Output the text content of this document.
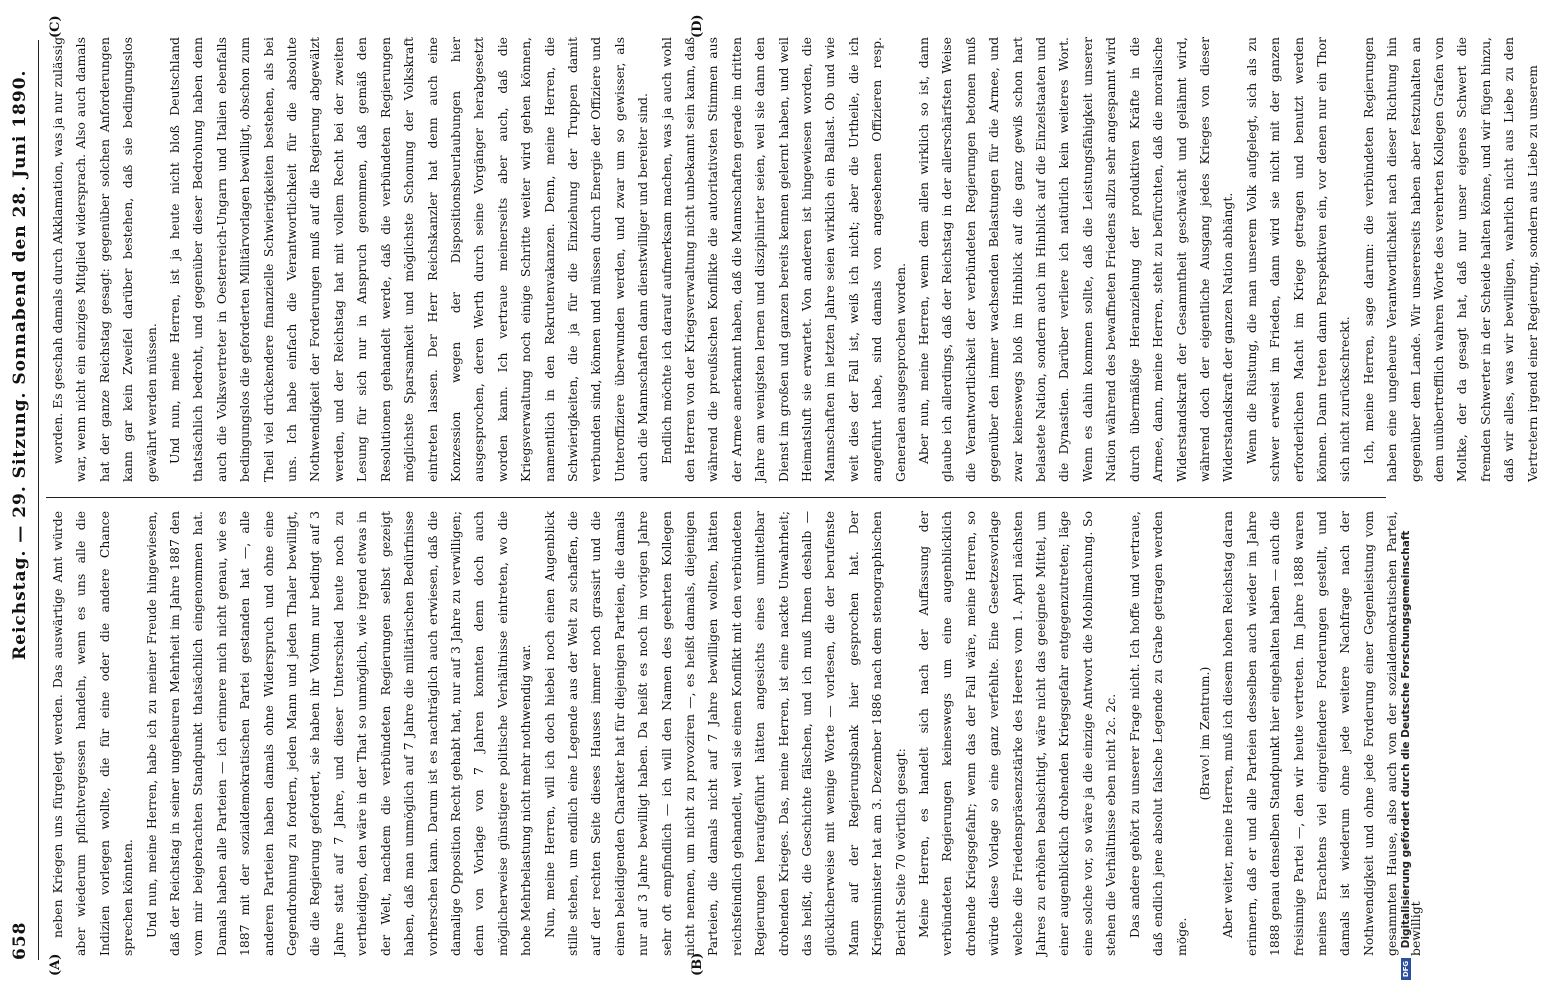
658
Reichstag. — 29. Sitzung. Sonnabend den 28. Juni 1890.
(A)	(B)
(C)	(D)

neben Kriegen uns fürgelegt werden. Das auswärtige Amt würde aber wiederum pflichtvergessen handeln, wenn es uns alle die Indizien vorlegen wollte, die für eine oder die andere Chance sprechen könnten. Und nun, meine Herren, habe ich zu meiner Freude hingewiesen, daß der Reichstag in seiner ungeheuren Mehrheit im Jahre 1887 den vom mir beigebrachten Standpunkt thatsächlich eingenommen hat. Damals haben alle Parteien — ich erinnere mich nicht genau, wie es 1887 mit der sozialdemokratischen Partei gestanden hat —, alle anderen Parteien haben damals ohne Widerspruch und ohne eine Gegendrohnung zu fordern, jeden Mann und jeden Thaler bewilligt, die die Regierung gefordert, sie haben ihr Votum nur bedingt auf 3 Jahre statt auf 7 Jahre, und dieser Unterschied heute noch zu vertheidigen, den wäre in der That so unmöglich, wie irgend etwas in der Welt, nachdem die verbündeten Regierungen selbst gezeigt haben, daß man unmöglich auf 7 Jahre die militärischen Bedürfnisse vorherschen kann. Darum ist es nachträglich auch erwiesen, daß die damalige Opposition Recht gehabt hat, nur auf 3 Jahre zu verwilligen; denn von Vorlage von 7 Jahren konnten denn doch auch möglicherweise günstigere politische Verhältnisse eintreten, wo die hohe Mehrbelastung nicht mehr nothwendig war. Nun, meine Herren, will ich doch hiebei noch einen Augenblick stille stehen, um endlich eine Legende aus der Welt zu schaffen, die auf der rechten Seite dieses Hauses immer noch grassirt und die einen beleidigenden Charakter hat für diejenigen Parteien, die damals nur auf 3 Jahre bewilligt haben. Da heißt es noch im vorigen Jahre sehr oft empfindlich — ich will den Namen des geehrten Kollegen nicht nennen, um nicht zu provoziren —, es heißt damals, diejenigen Parteien, die damals nicht auf 7 Jahre bewilligen wollten, hätten reichsfeindlich gehandelt, weil sie einen Konflikt mit den verbündeten Regierungen heraufgeführt hätten angesichts eines unmittelbar drohenden Krieges. Das, meine Herren, ist eine nackte Unwahrheit; das heißt, die Geschichte fälschen, und ich muß Ihnen deshalb — glücklicherweise mit wenige Worte — vorlesen, die der berufenste Mann auf der Regierungsbank hier gesprochen hat. Der Kriegsminister hat am 3. Dezember 1886 nach dem stenographischen Bericht Seite 70 wörtlich gesagt: Meine Herren, es handelt sich nach der Auffassung der verbündeten Regierungen keineswegs um eine augenblicklich drohende Kriegsgefahr; wenn das der Fall wäre, meine Herren, so würde diese Vorlage so eine ganz verfehlte. Eine Gesetzesvorlage welche die Friedenspräsenzstärke des Heeres vom 1. April nächsten Jahres zu erhöhen beabsichtigt, wäre nicht das geeignete Mittel, um einer augenblicklich drohenden Kriegsgefahr entgegenzutreten; läge eine solche vor, so wäre ja die einzige Antwort die Mobilmachung. So stehen die Verhältnisse eben nicht 2c. 2c. Das andere gehört zu unserer Frage nicht. Ich hoffe und vertraue, daß endlich jene absolut falsche Legende zu Grabe getragen werden möge.

(Bravo! im Zentrum.) Aber weiter, meine Herren, muß ich diesem hohen Reichstag daran erinnern, daß er und alle Parteien desselben auch wieder im Jahre 1888 genau denselben Standpunkt hier eingehalten haben — auch die freisinnige Partei —, den wir heute vertreten. Im Jahre 1888 waren meines Erachtens viel eingreifendere Forderungen gestellt, und damals ist wiederum ohne jede weitere Nachfrage nach der Nothwendigkeit und ohne jede Forderung einer Gegenleistung vom gesammten Hause, also auch von der sozialdemokratischen Partei, bewilligt

worden. Es geschah damals durch Akklamation, was ja nur zulässig war, wenn nicht ein einziges Mitglied widersprach. Also auch damals hat der ganze Reichstag gesagt: gegenüber solchen Anforderungen kann gar kein Zweifel darüber bestehen, daß sie bedingungslos gewährt werden müssen. Und nun, meine Herren, ist ja heute nicht bloß Deutschland thatsächlich bedroht, und gegenüber dieser Bedrohung haben denn auch die Volksvertreter in Oesterreich-Ungarn und Italien ebenfalls bedingungslos die geforderten Militärvorlagen bewilligt, obschon zum Theil viel drückendere finanzielle Schwierigkeiten bestehen, als bei uns. Ich habe einfach die Verantwortlichkeit für die absolute Nothwendigkeit der Forderungen muß auf die Regierung abgewälzt werden, und der Reichstag hat mit vollem Recht bei der zweiten Lesung für sich nur in Anspruch genommen, daß gemäß den Resolutionen gehandelt werde, daß die verbündeten Regierungen möglichste Sparsamkeit und möglichste Schonung der Volkskraft eintreten lassen. Der Herr Reichskanzler hat denn auch eine Konzession wegen der Dispositionsbeurlaubungen hier ausgesprochen, deren Werth durch seine Vorgänger herabgesetzt worden kann. Ich vertraue meinerseits aber auch, daß die Kriegsverwaltung noch einige Schritte weiter wird gehen können, namentlich in den Rekrutenvakanzen. Denn, meine Herren, die Schwierigkeiten, die ja für die Einziehung der Truppen damit verbunden sind, können und müssen durch Energie der Offiziere und Unteroffiziere überwunden werden, und zwar um so gewisser, als auch die Mannschaften dann dienstwilliger und bereiter sind. Endlich möchte ich darauf aufmerksam machen, was ja auch wohl den Herren von der Kriegsverwaltung nicht unbekannt sein kann, daß während die preußischen Konflikte die autoritativsten Stimmen aus der Armee anerkannt haben, daß die Mannschaften gerade im dritten Jahre am wenigsten lernen und disziplinirter seien, weil sie dann den Dienst im großen und ganzen bereits kennen gelernt haben, und weil Heimatsluft sie erwartet. Von anderen ist hingewiesen worden, die Mannschaften im letzten Jahre seien wirklich ein Ballast. Ob und wie weit dies der Fall ist, weiß ich nicht; aber die Urtheile, die ich angeführt habe, sind damals von angesehenen Offizieren resp. Generalen ausgesprochen worden. Aber nun, meine Herren, wenn dem allen wirklich so ist, dann glaube ich allerdings, daß der Reichstag in der allerschärfsten Weise die Verantwortlichkeit der verbündeten Regierungen betonen muß gegenüber den immer wachsenden Belastungen für die Armee, und zwar keineswegs bloß im Hinblick auf die ganz gewiß schon hart belastete Nation, sondern auch im Hinblick auf die Einzelstaaten und die Dynastien. Darüber verliere ich natürlich kein weiteres Wort. Wenn es dahin kommen sollte, daß die Leistungsfähigkeit unserer Nation während des bewaffneten Friedens allzu sehr angespannt wird durch übermäßige Heranziehung der produktiven Kräfte in die Armee, dann, meine Herren, steht zu befürchten, daß die moralische Widerstandskraft der Gesammtheit geschwächt und gelähmt wird, während doch der eigentliche Ausgang jedes Krieges von dieser Widerstandskraft der ganzen Nation abhängt. Wenn die Rüstung, die man unserem Volk aufgelegt, sich als zu schwer erweist im Frieden, dann wird sie nicht mit der ganzen erforderlichen Macht im Kriege getragen und benutzt werden können. Dann treten dann Perspektiven ein, vor denen nur ein Thor sich nicht zurückschreckt. Ich, meine Herren, sage darum: die verbündeten Regierungen haben eine ungeheure Verantwortlichkeit nach dieser Richtung hin gegenüber dem Lande. Wir unsererseits haben aber festzuhalten an dem unübertrefflich wahren Worte des verehrten Kollegen Grafen von Moltke, der da gesagt hat, daß nur unser eigenes Schwert die fremden Schwerter in der Scheide halten könne, und wir fügen hinzu, daß wir alles, was wir bewilligen, wahrlich nicht aus Liebe zu den Vertretern irgend einer Regierung, sondern aus Liebe zu unserem

DFG Digitalisierung gefördert durch die Deutsche Forschungsgemeinschaft
